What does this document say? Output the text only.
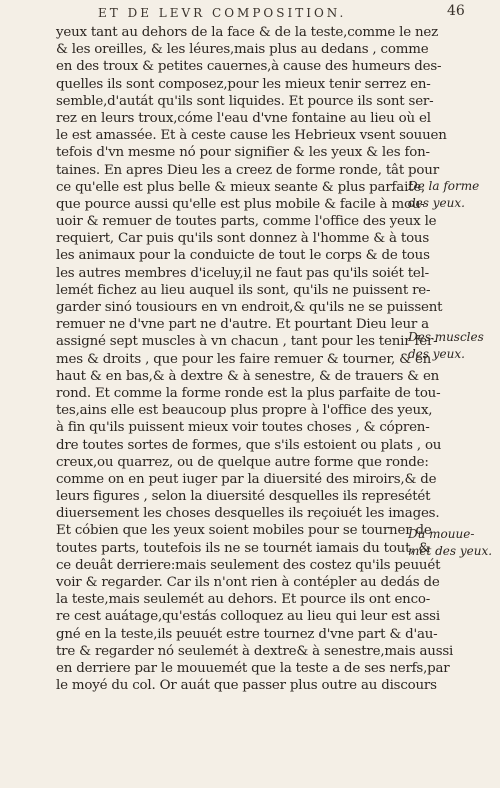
ET DE LEVR COMPOSITION.	46
yeux tant au dehors de la face & de la teste,comme le nez
& les oreilles, & les léures,mais plus au dedans , comme
en des troux & petites cauernes,à cause des humeurs des-
quelles ils sont composez,pour les mieux tenir serrez en-
semble,d'autát qu'ils sont liquides. Et pource ils sont ser-
rez en leurs troux,cóme l'eau d'vne fontaine au lieu où el
le est amassée. Et à ceste cause les Hebrieux vsent souuen
tefois d'vn mesme nó pour signifier & les yeux & les fon-
taines. En apres Dieu les a creez de forme ronde, tât pour
ce qu'elle est plus belle & mieux seante & plus parfaite,
que pource aussi qu'elle est plus mobile & facile à mou-
uoir & remuer de toutes parts, comme l'office des yeux le
requiert, Car puis qu'ils sont donnez à l'homme & à tous
les animaux pour la conduicte de tout le corps & de tous
les autres membres d'iceluy,il ne faut pas qu'ils soiét tel-
lemét fichez au lieu auquel ils sont, qu'ils ne puissent re-
garder sinó tousiours en vn endroit,& qu'ils ne se puissent
remuer ne d'vne part ne d'autre. Et pourtant Dieu leur a
assigné sept muscles à vn chacun , tant pour les tenir fer-
mes & droits , que pour les faire remuer & tourner, & en
haut & en bas,& à dextre & à senestre, & de trauers & en
rond. Et comme la forme ronde est la plus parfaite de tou-
tes,ains elle est beaucoup plus propre à l'office des yeux,
à fin qu'ils puissent mieux voir toutes choses , & cópren-
dre toutes sortes de formes, que s'ils estoient ou plats , ou
creux,ou quarrez, ou de quelque autre forme que ronde:
comme on en peut iuger par la diuersité des miroirs,& de
leurs figures , selon la diuersité desquelles ils represétét
diuersement les choses desquelles ils reçoiuét les images.
Et cóbien que les yeux soient mobiles pour se tourner de
toutes parts, toutefois ils ne se tournét iamais du tout, &
ce deuât derriere:mais seulement des costez qu'ils peuuét
voir & regarder. Car ils n'ont rien à contépler au dedás de
la teste,mais seulemét au dehors. Et pource ils ont enco-
re cest auátage,qu'estás colloquez au lieu qui leur est assi
gné en la teste,ils peuuét estre tournez d'vne part & d'au-
tre & regarder nó seulemét à dextre& à senestre,mais aussi
en derriere par le mouuemét que la teste a de ses nerfs,par
le moyé du col. Or auát que passer plus outre au discours
De la forme
des yeux.
Des muscles
des yeux.
Du mouue-
mét des yeux.
